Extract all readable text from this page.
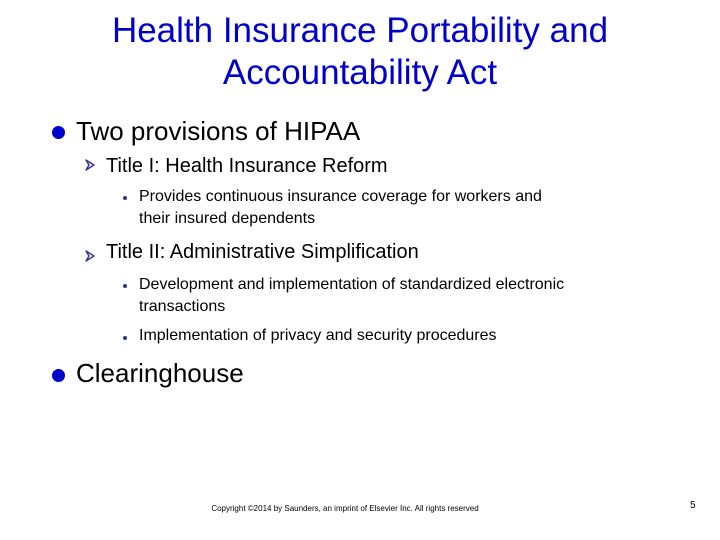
Health Insurance Portability and
Accountability Act
Two provisions of HIPAA
Title I: Health Insurance Reform
Provides continuous insurance coverage for workers and
their insured dependents
Title II: Administrative Simplification
Development and implementation of standardized electronic
transactions
Implementation of privacy and security procedures
Clearinghouse
Copyright ©2014 by Saunders, an imprint of Elsevier Inc. All rights reserved	5
